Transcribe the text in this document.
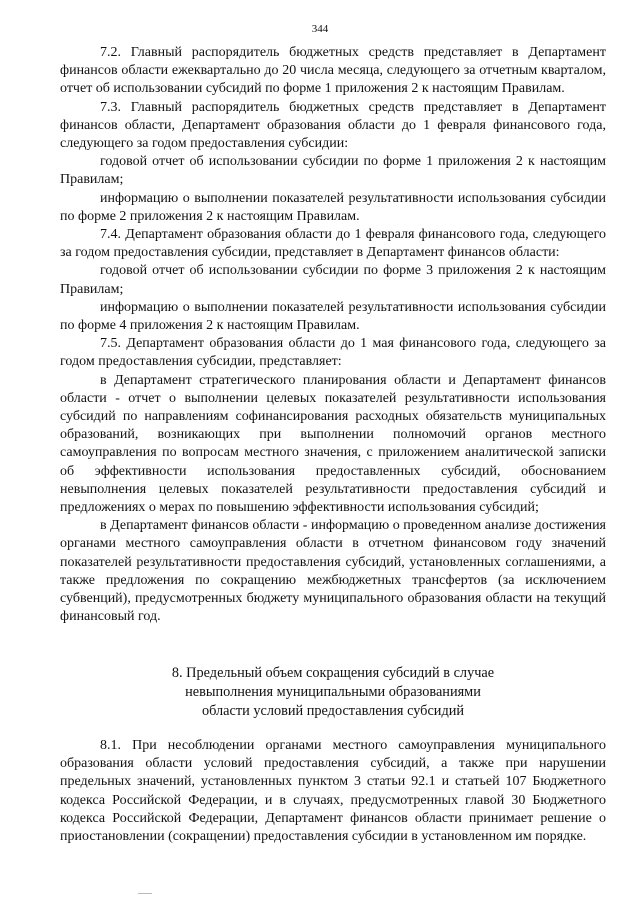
344

7.2. Главный распорядитель бюджетных средств представляет в Департамент финансов области ежеквартально до 20 числа месяца, следующего за отчетным кварталом, отчет об использовании субсидий по форме 1 приложения 2 к настоящим Правилам.

7.3. Главный распорядитель бюджетных средств представляет в Департамент финансов области, Департамент образования области до 1 февраля финансового года, следующего за годом предоставления субсидии:

годовой отчет об использовании субсидии по форме 1 приложения 2 к настоящим Правилам;

информацию о выполнении показателей результативности использования субсидии по форме 2 приложения 2 к настоящим Правилам.

7.4. Департамент образования области до 1 февраля финансового года, следующего за годом предоставления субсидии, представляет в Департамент финансов области:

годовой отчет об использовании субсидии по форме 3 приложения 2 к настоящим Правилам;

информацию о выполнении показателей результативности использования субсидии по форме 4 приложения 2 к настоящим Правилам.

7.5. Департамент образования области до 1 мая финансового года, следующего за годом предоставления субсидии, представляет:

в Департамент стратегического планирования области и Департамент финансов области - отчет о выполнении целевых показателей результативности использования субсидий по направлениям софинансирования расходных обязательств муниципальных образований, возникающих при выполнении полномочий органов местного самоуправления по вопросам местного значения, с приложением аналитической записки об эффективности использования предоставленных субсидий, обоснованием невыполнения целевых показателей результативности предоставления субсидий и предложениях о мерах по повышению эффективности использования субсидий;

в Департамент финансов области - информацию о проведенном анализе достижения органами местного самоуправления области в отчетном финансовом году значений показателей результативности предоставления субсидий, установленных соглашениями, а также предложения по сокращению межбюджетных трансфертов (за исключением субвенций), предусмотренных бюджету муниципального образования области на текущий финансовый год.

8. Предельный объем сокращения субсидий в случае
невыполнения муниципальными образованиями
области условий предоставления субсидий

8.1. При несоблюдении органами местного самоуправления муниципального образования области условий предоставления субсидий, а также при нарушении предельных значений, установленных пунктом 3 статьи 92.1 и статьей 107 Бюджетного кодекса Российской Федерации, и в случаях, предусмотренных главой 30 Бюджетного кодекса Российской Федерации, Департамент финансов области принимает решение о приостановлении (сокращении) предоставления субсидии в установленном им порядке.
